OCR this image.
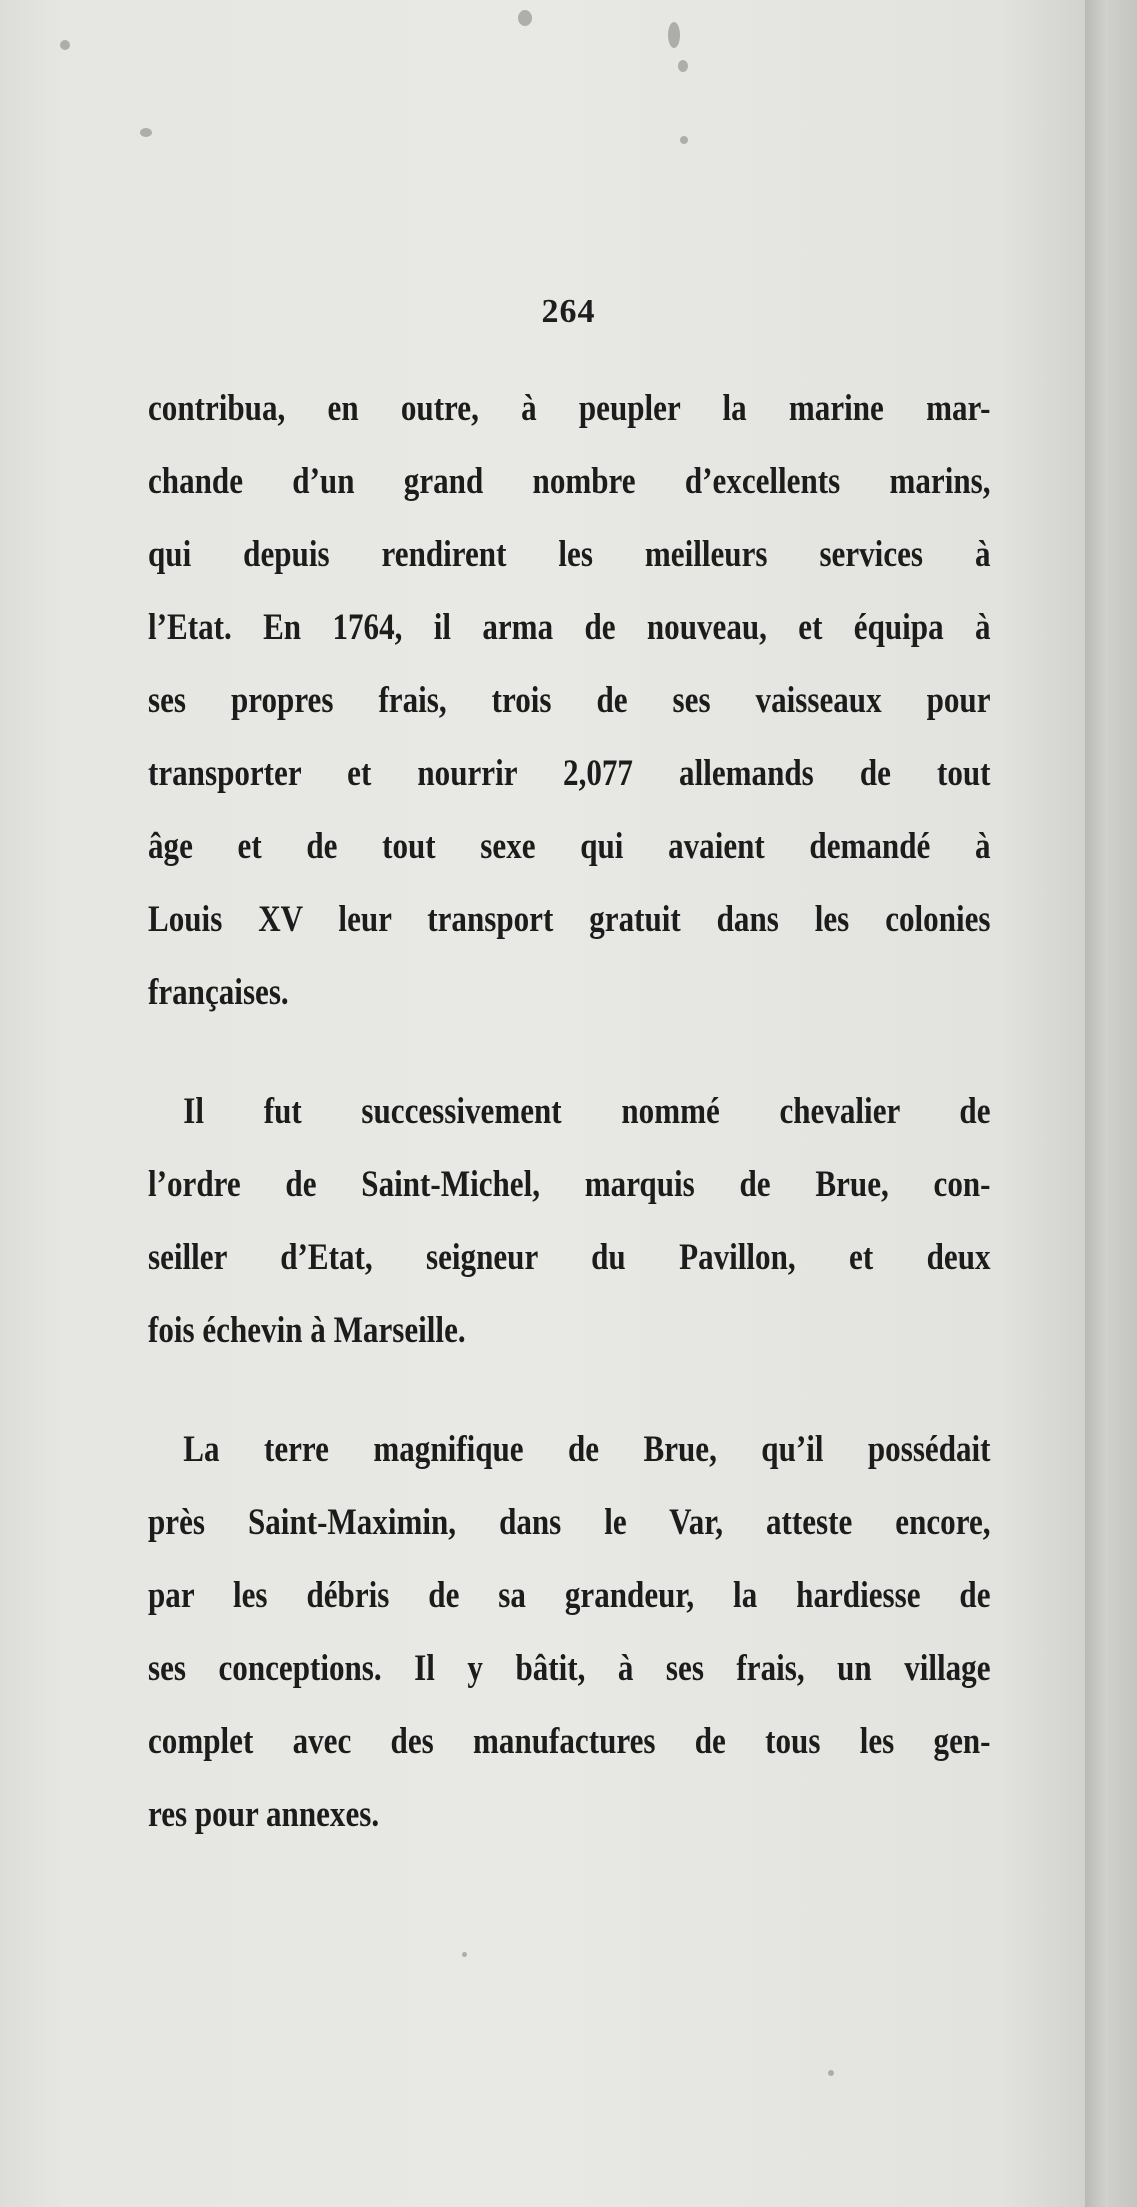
264
contribua, en outre, à peupler la marine mar-
chande d’un grand nombre d’excellents marins,
qui depuis rendirent les meilleurs services à
l’Etat. En 1764, il arma de nouveau, et équipa à
ses propres frais, trois de ses vaisseaux pour
transporter et nourrir 2,077 allemands de tout
âge et de tout sexe qui avaient demandé à
Louis XV leur transport gratuit dans les colonies
françaises.
Il fut successivement nommé chevalier de
l’ordre de Saint-Michel, marquis de Brue, con-
seiller d’Etat, seigneur du Pavillon, et deux
fois échevin à Marseille.
La terre magnifique de Brue, qu’il possédait
près Saint-Maximin, dans le Var, atteste encore,
par les débris de sa grandeur, la hardiesse de
ses conceptions. Il y bâtit, à ses frais, un village
complet avec des manufactures de tous les gen-
res pour annexes.
